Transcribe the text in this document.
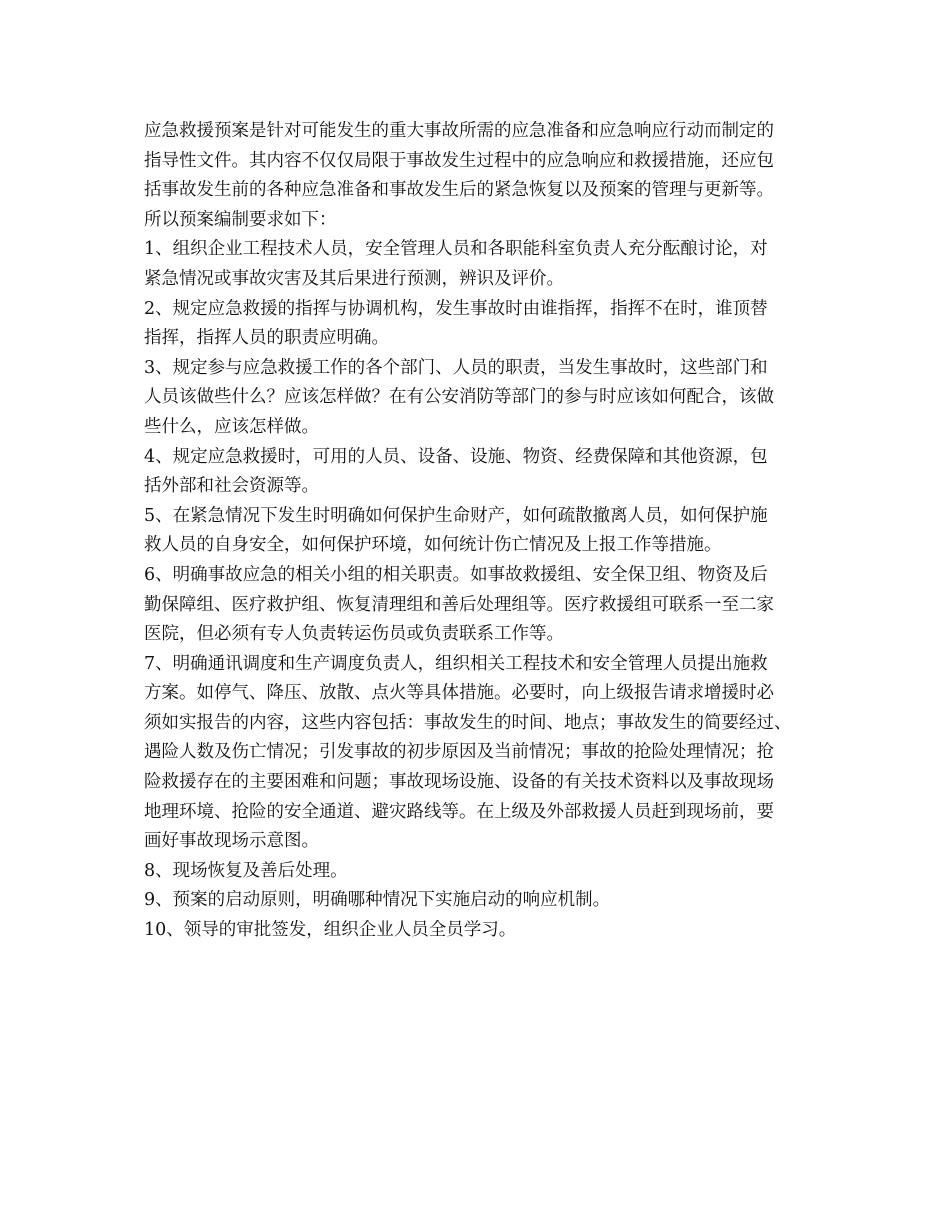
应急救援预案是针对可能发生的重大事故所需的应急准备和应急响应行动而制定的
指导性文件。其内容不仅仅局限于事故发生过程中的应急响应和救援措施，还应包
括事故发生前的各种应急准备和事故发生后的紧急恢复以及预案的管理与更新等。
所以预案编制要求如下：
1、组织企业工程技术人员，安全管理人员和各职能科室负责人充分酝酿讨论，对
紧急情况或事故灾害及其后果进行预测，辨识及评价。
2、规定应急救援的指挥与协调机构，发生事故时由谁指挥，指挥不在时，谁顶替
指挥，指挥人员的职责应明确。
3、规定参与应急救援工作的各个部门、人员的职责，当发生事故时，这些部门和
人员该做些什么？应该怎样做？在有公安消防等部门的参与时应该如何配合，该做
些什么，应该怎样做。
4、规定应急救援时，可用的人员、设备、设施、物资、经费保障和其他资源，包
括外部和社会资源等。
5、在紧急情况下发生时明确如何保护生命财产，如何疏散撤离人员，如何保护施
救人员的自身安全，如何保护环境，如何统计伤亡情况及上报工作等措施。
6、明确事故应急的相关小组的相关职责。如事故救援组、安全保卫组、物资及后
勤保障组、医疗救护组、恢复清理组和善后处理组等。医疗救援组可联系一至二家
医院，但必须有专人负责转运伤员或负责联系工作等。
7、明确通讯调度和生产调度负责人，组织相关工程技术和安全管理人员提出施救
方案。如停气、降压、放散、点火等具体措施。必要时，向上级报告请求增援时必
须如实报告的内容，这些内容包括：事故发生的时间、地点；事故发生的简要经过、
遇险人数及伤亡情况；引发事故的初步原因及当前情况；事故的抢险处理情况；抢
险救援存在的主要困难和问题；事故现场设施、设备的有关技术资料以及事故现场
地理环境、抢险的安全通道、避灾路线等。在上级及外部救援人员赶到现场前，要
画好事故现场示意图。
8、现场恢复及善后处理。
9、预案的启动原则，明确哪种情况下实施启动的响应机制。
10、领导的审批签发，组织企业人员全员学习。
